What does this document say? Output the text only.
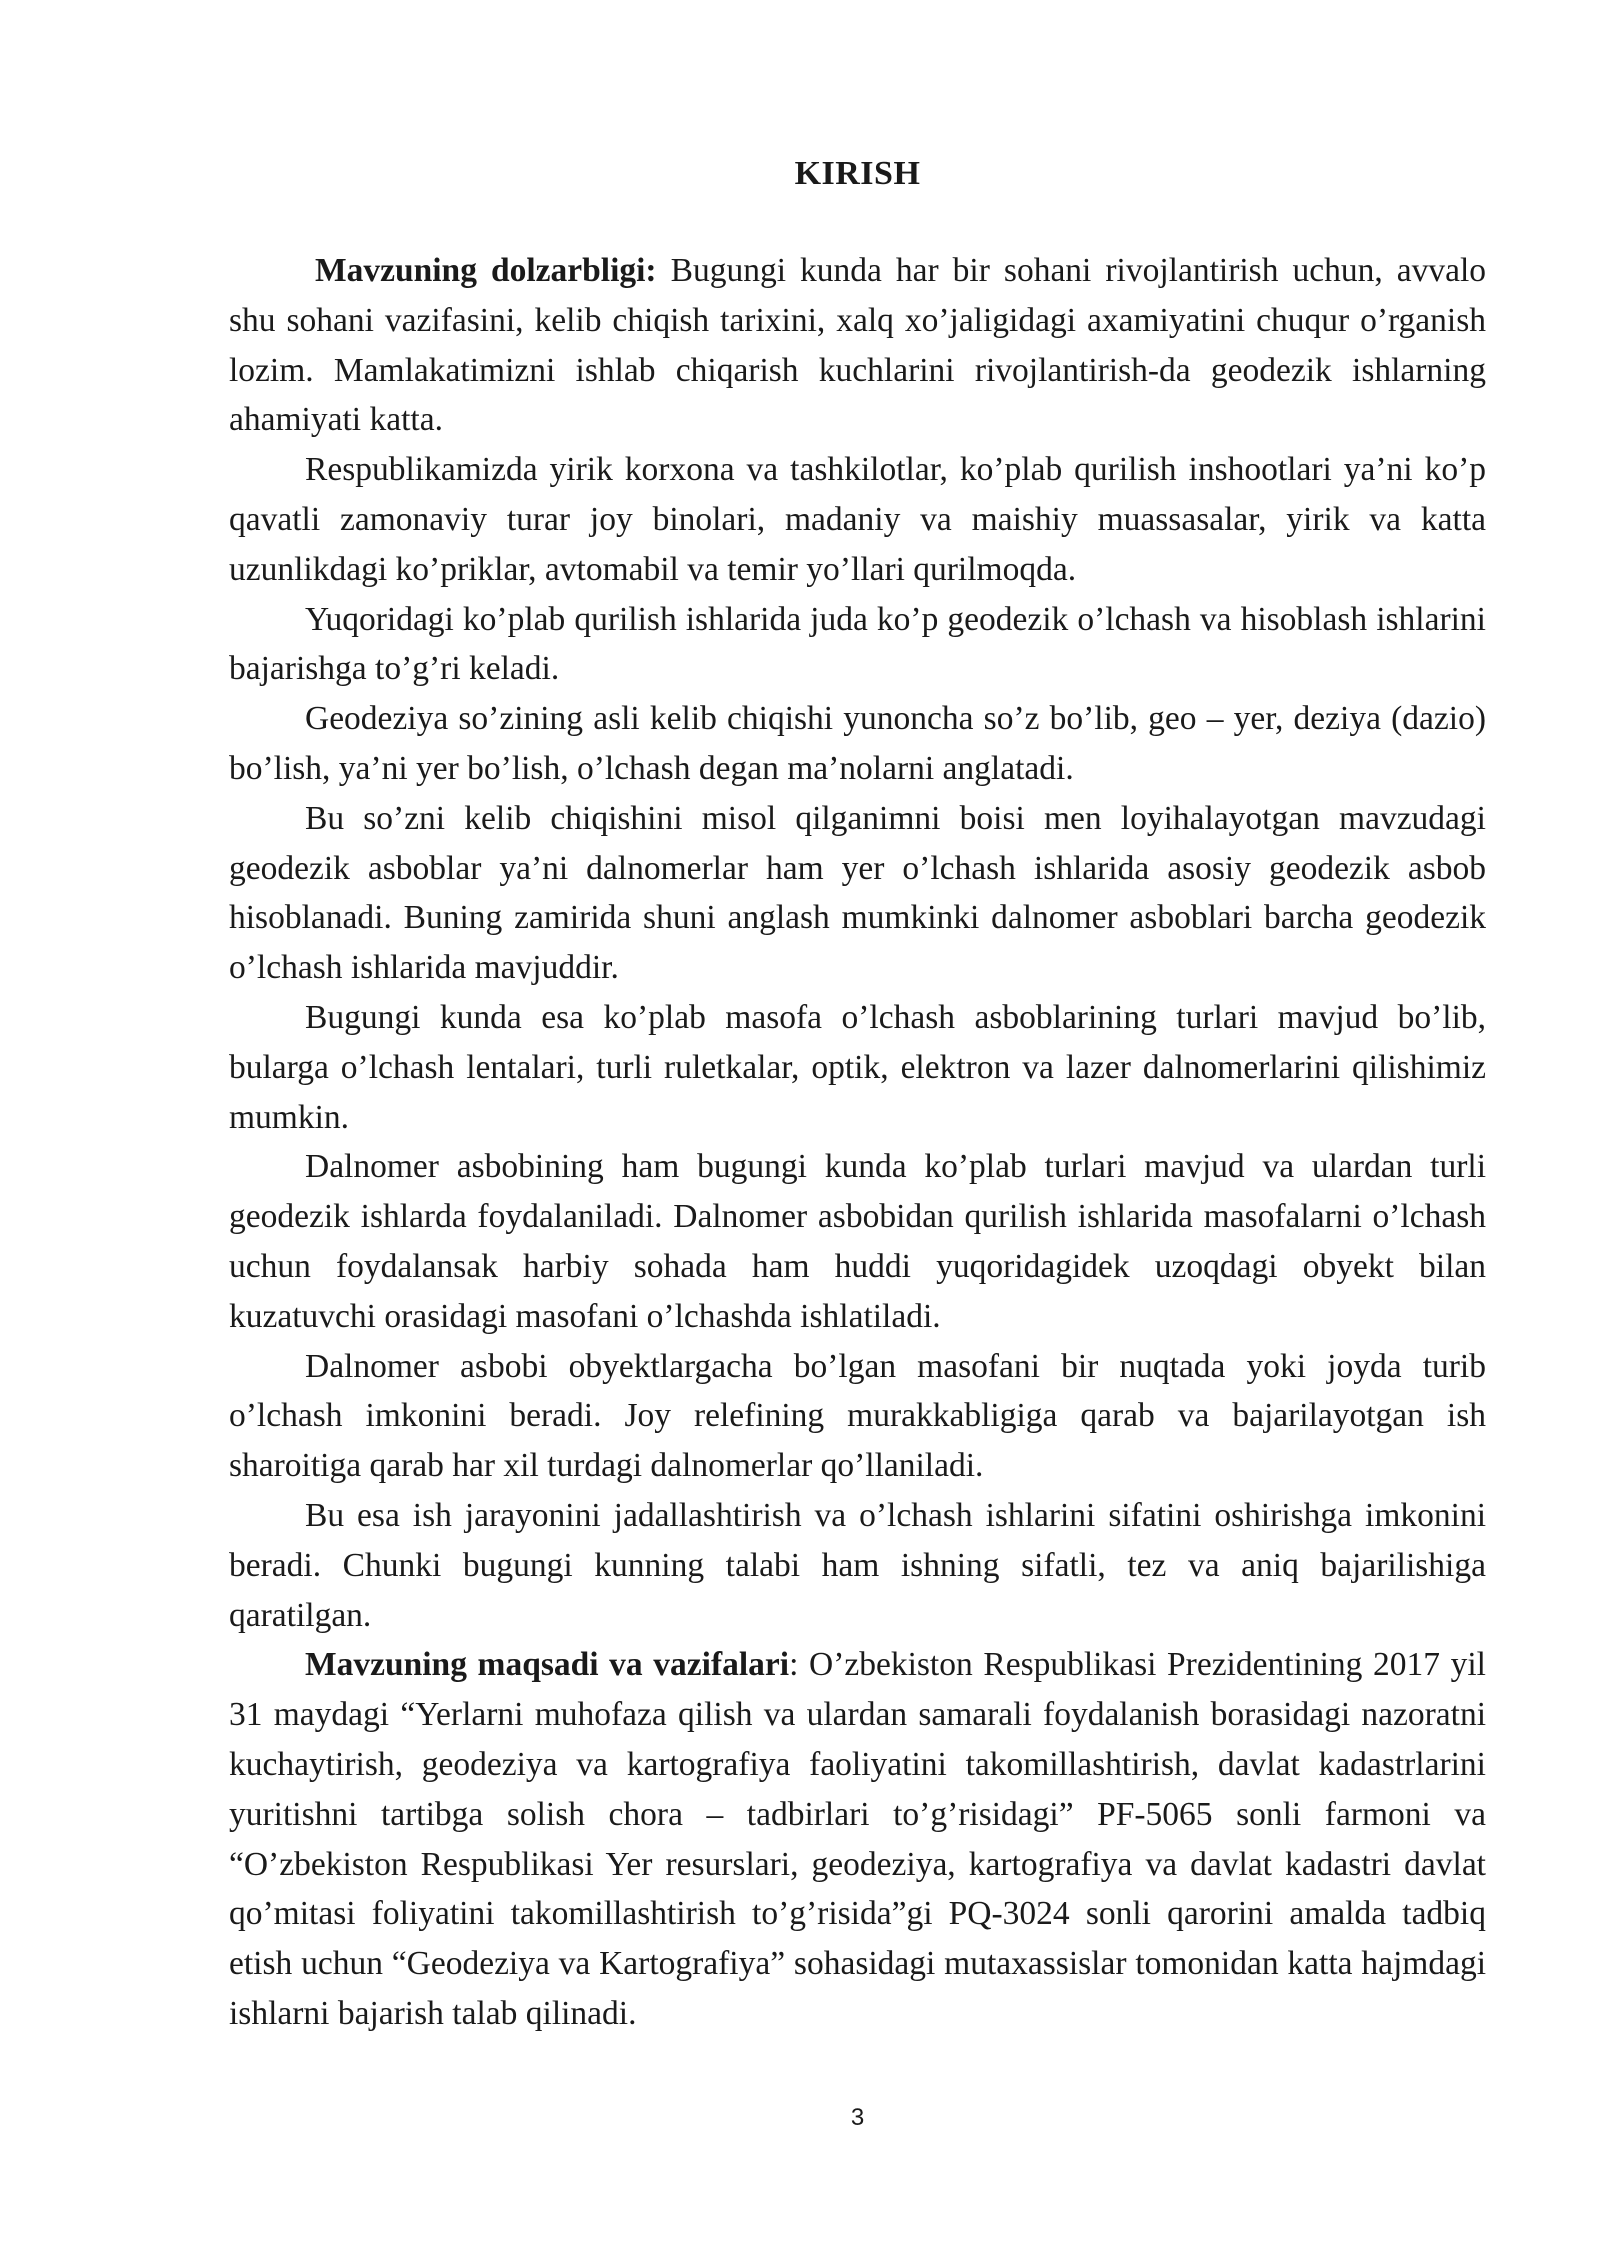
KIRISH

Mavzuning dolzarbligi: Bugungi kunda har bir sohani rivojlantirish uchun, avvalo shu sohani vazifasini, kelib chiqish tarixini, xalq xo’jaligidagi axamiyatini chuqur o’rganish lozim. Mamlakatimizni ishlab chiqarish kuchlarini rivojlantirish-da geodezik ishlarning ahamiyati katta.

Respublikamizda yirik korxona va tashkilotlar, ko’plab qurilish inshootlari ya’ni ko’p qavatli zamonaviy turar joy binolari, madaniy va maishiy muassasalar, yirik va katta uzunlikdagi ko’priklar, avtomabil va temir yo’llari qurilmoqda.

Yuqoridagi ko’plab qurilish ishlarida juda ko’p geodezik o’lchash va hisoblash ishlarini bajarishga to’g’ri keladi.

Geodeziya so’zining asli kelib chiqishi yunoncha so’z bo’lib, geo – yer, deziya (dazio) bo’lish, ya’ni yer bo’lish, o’lchash degan ma’nolarni anglatadi.

Bu so’zni kelib chiqishini misol qilganimni boisi men loyihalayotgan mavzudagi geodezik asboblar ya’ni dalnomerlar ham yer o’lchash ishlarida asosiy geodezik asbob hisoblanadi. Buning zamirida shuni anglash mumkinki dalnomer asboblari barcha geodezik o’lchash ishlarida mavjuddir.

Bugungi kunda esa ko’plab masofa o’lchash asboblarining turlari mavjud bo’lib, bularga o’lchash lentalari, turli ruletkalar, optik, elektron va lazer dalnomerlarini qilishimiz mumkin.

Dalnomer asbobining ham bugungi kunda ko’plab turlari mavjud va ulardan turli geodezik ishlarda foydalaniladi. Dalnomer asbobidan qurilish ishlarida masofalarni o’lchash uchun foydalansak harbiy sohada ham huddi yuqoridagidek uzoqdagi obyekt bilan kuzatuvchi orasidagi masofani o’lchashda ishlatiladi.

Dalnomer asbobi obyektlargacha bo’lgan masofani bir nuqtada yoki joyda turib o’lchash imkonini beradi. Joy relefining murakkabligiga qarab va bajarilayotgan ish sharoitiga qarab har xil turdagi dalnomerlar qo’llaniladi.

Bu esa ish jarayonini jadallashtirish va o’lchash ishlarini sifatini oshirishga imkonini beradi. Chunki bugungi kunning talabi ham ishning sifatli, tez va aniq bajarilishiga qaratilgan.

Mavzuning maqsadi va vazifalari: O’zbekiston Respublikasi Prezidentining 2017 yil 31 maydagi “Yerlarni muhofaza qilish va ulardan samarali foydalanish borasidagi nazoratni kuchaytirish, geodeziya va kartografiya faoliyatini takomillashtirish, davlat kadastrlarini yuritishni tartibga solish chora – tadbirlari to’g’risidagi” PF-5065 sonli farmoni va “O’zbekiston Respublikasi Yer resurslari, geodeziya, kartografiya va davlat kadastri davlat qo’mitasi foliyatini takomillashtirish to’g’risida”gi PQ-3024 sonli qarorini amalda tadbiq etish uchun “Geodeziya va Kartografiya” sohasidagi mutaxassislar tomonidan katta hajmdagi ishlarni bajarish talab qilinadi.

3
